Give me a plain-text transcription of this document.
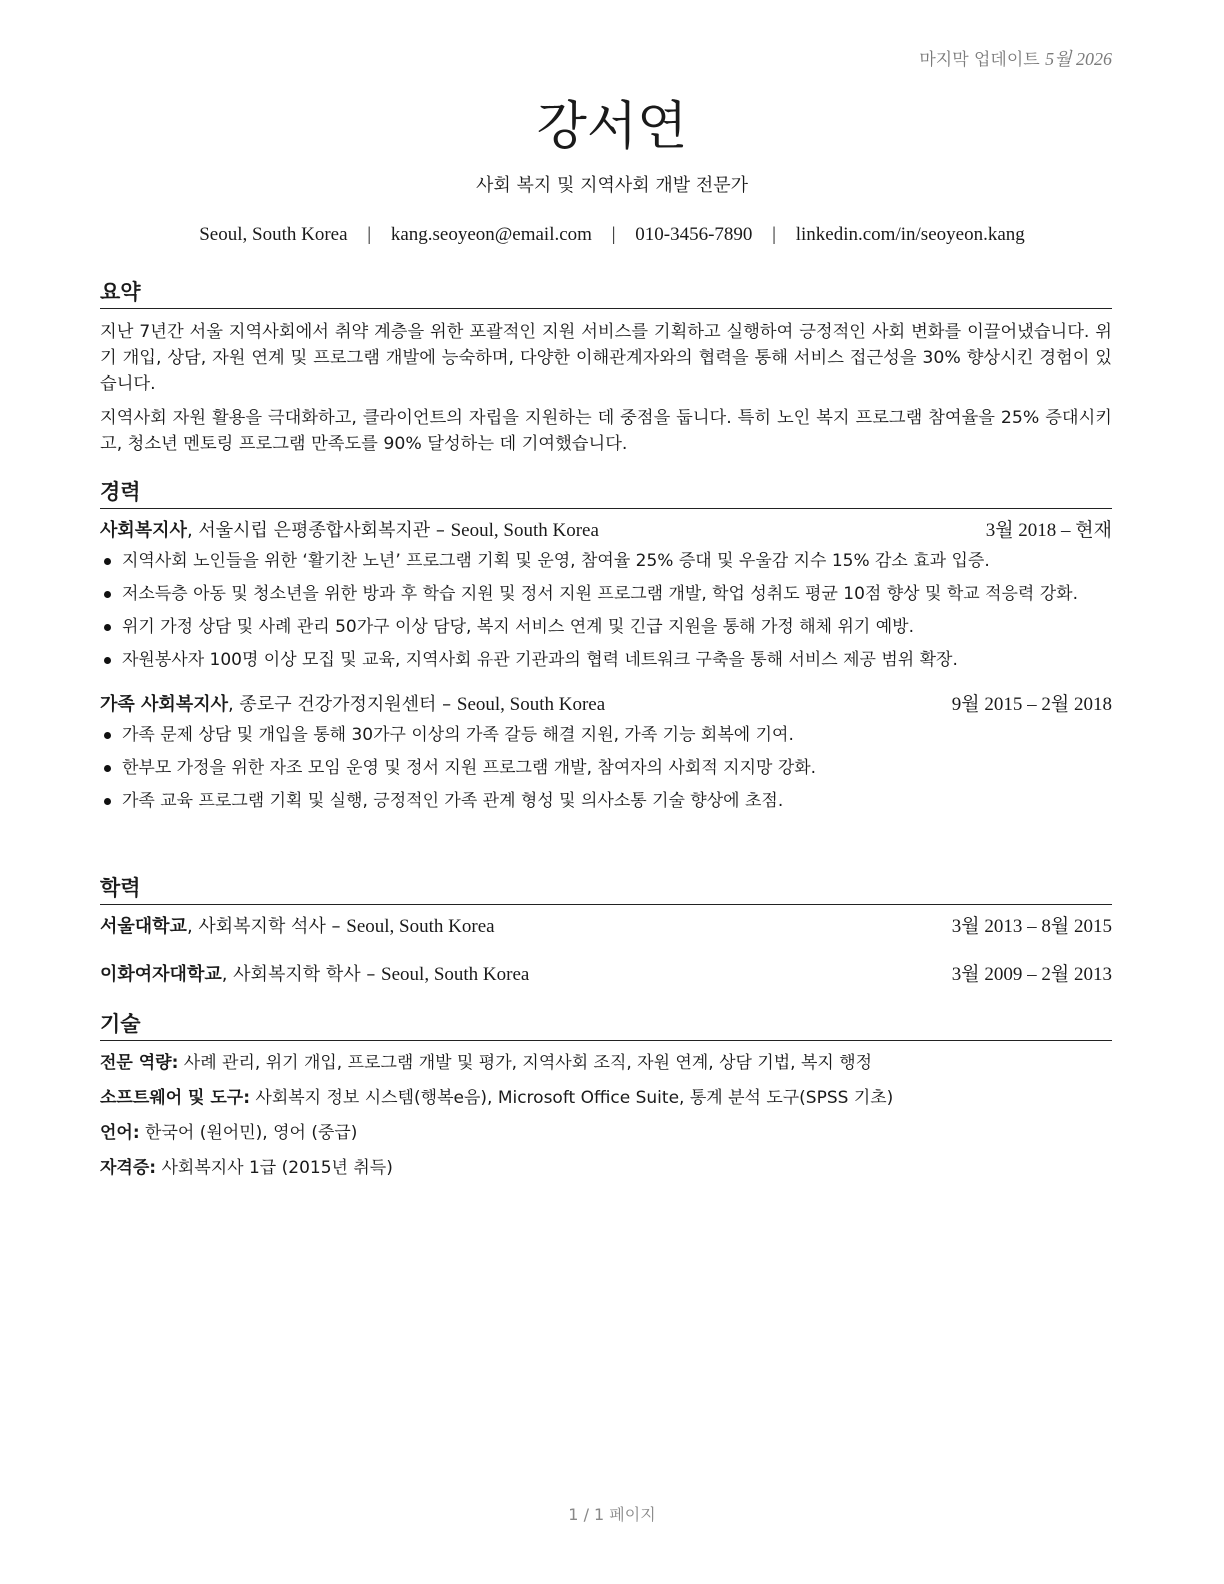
마지막 업데이트 5월 2026
강서연
사회 복지 및 지역사회 개발 전문가
Seoul, South Korea | kang.seoyeon@email.com | 010-3456-7890 | linkedin.com/in/seoyeon.kang
요약

지난 7년간 서울 지역사회에서 취약 계층을 위한 포괄적인 지원 서비스를 기획하고 실행하여 긍정적인 사회 변화를 이끌어냈습니다. 위기 개입, 상담, 자원 연계 및 프로그램 개발에 능숙하며, 다양한 이해관계자와의 협력을 통해 서비스 접근성을 30% 향상시킨 경험이 있습니다.

지역사회 자원 활용을 극대화하고, 클라이언트의 자립을 지원하는 데 중점을 둡니다. 특히 노인 복지 프로그램 참여율을 25% 증대시키고, 청소년 멘토링 프로그램 만족도를 90% 달성하는 데 기여했습니다.

경력
사회복지사, 서울시립 은평종합사회복지관 – Seoul, South Korea	3월 2018 – 현재
지역사회 노인들을 위한 ‘활기찬 노년’ 프로그램 기획 및 운영, 참여율 25% 증대 및 우울감 지수 15% 감소 효과 입증.
저소득층 아동 및 청소년을 위한 방과 후 학습 지원 및 정서 지원 프로그램 개발, 학업 성취도 평균 10점 향상 및 학교 적응력 강화.
위기 가정 상담 및 사례 관리 50가구 이상 담당, 복지 서비스 연계 및 긴급 지원을 통해 가정 해체 위기 예방.
자원봉사자 100명 이상 모집 및 교육, 지역사회 유관 기관과의 협력 네트워크 구축을 통해 서비스 제공 범위 확장.
가족 사회복지사, 종로구 건강가정지원센터 – Seoul, South Korea	9월 2015 – 2월 2018
가족 문제 상담 및 개입을 통해 30가구 이상의 가족 갈등 해결 지원, 가족 기능 회복에 기여.
한부모 가정을 위한 자조 모임 운영 및 정서 지원 프로그램 개발, 참여자의 사회적 지지망 강화.
가족 교육 프로그램 기획 및 실행, 긍정적인 가족 관계 형성 및 의사소통 기술 향상에 초점.
학력
서울대학교, 사회복지학 석사 – Seoul, South Korea	3월 2013 – 8월 2015
이화여자대학교, 사회복지학 학사 – Seoul, South Korea	3월 2009 – 2월 2013
기술
전문 역량: 사례 관리, 위기 개입, 프로그램 개발 및 평가, 지역사회 조직, 자원 연계, 상담 기법, 복지 행정
소프트웨어 및 도구: 사회복지 정보 시스템(행복e음), Microsoft Office Suite, 통계 분석 도구(SPSS 기초)
언어: 한국어 (원어민), 영어 (중급)
자격증: 사회복지사 1급 (2015년 취득)
1 / 1 페이지
